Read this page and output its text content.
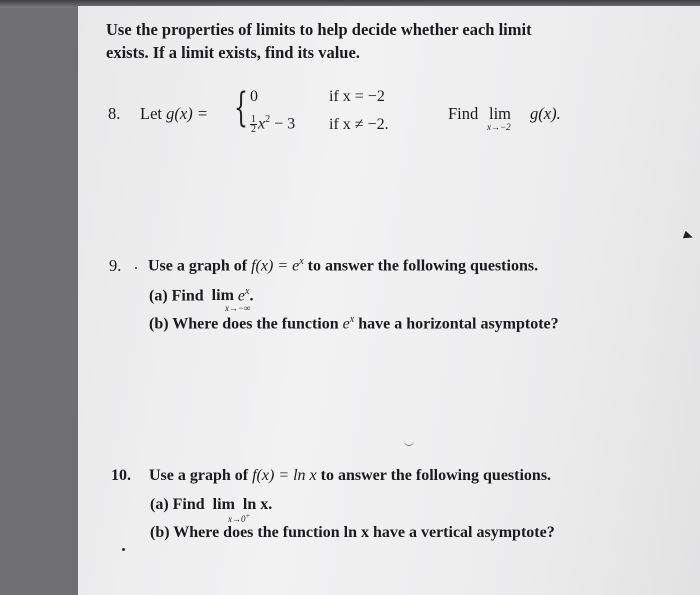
Use the properties of limits to help decide whether each limit
exists. If a limit exists, find its value.
8. Let g(x) = { 0	if x = −2
$\frac{1}{2} x^2 - 3$ if x ≠ −2.
Find lim
x→−2
g(x).
9. . Use a graph of $f(x) = e^x$ to answer the following questions.
(a) Find $\lim e^x$.
x→−∞
(b) Where does the function $e^x$ have a horizontal asymptote?
10. Use a graph of f(x) = ln x to answer the following questions.
(a) Find lim ln x.
x→0+
(b) Where does the function ln x have a vertical asymptote?
